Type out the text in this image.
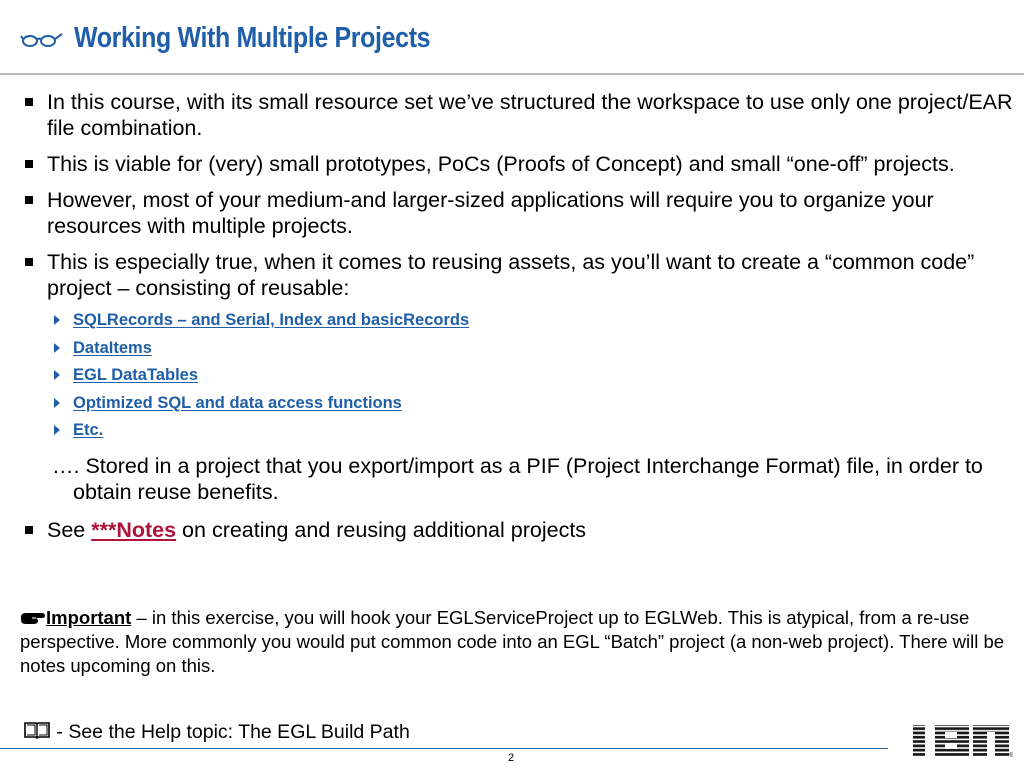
Working With Multiple Projects
In this course, with its small resource set we’ve structured the workspace to use only one project/EAR file combination.
This is viable for (very) small prototypes, PoCs (Proofs of Concept) and small “one-off” projects.
However, most of your medium-and larger-sized applications will require you to organize your resources with multiple projects.
This is especially true, when it comes to reusing assets, as you’ll want to create a “common code” project – consisting of reusable:
SQLRecords – and Serial, Index and basicRecords
DataItems
EGL DataTables
Optimized SQL and data access functions
Etc.
…. Stored in a project that you export/import as a PIF (Project Interchange Format) file, in order to obtain reuse benefits.
See ***Notes on creating and reusing additional projects
Important – in this exercise, you will hook your EGLServiceProject up to EGLWeb. This is atypical, from a re-use perspective. More commonly you would put common code into an EGL “Batch” project (a non-web project). There will be notes upcoming on this.
- See the Help topic: The EGL Build Path
2	®
